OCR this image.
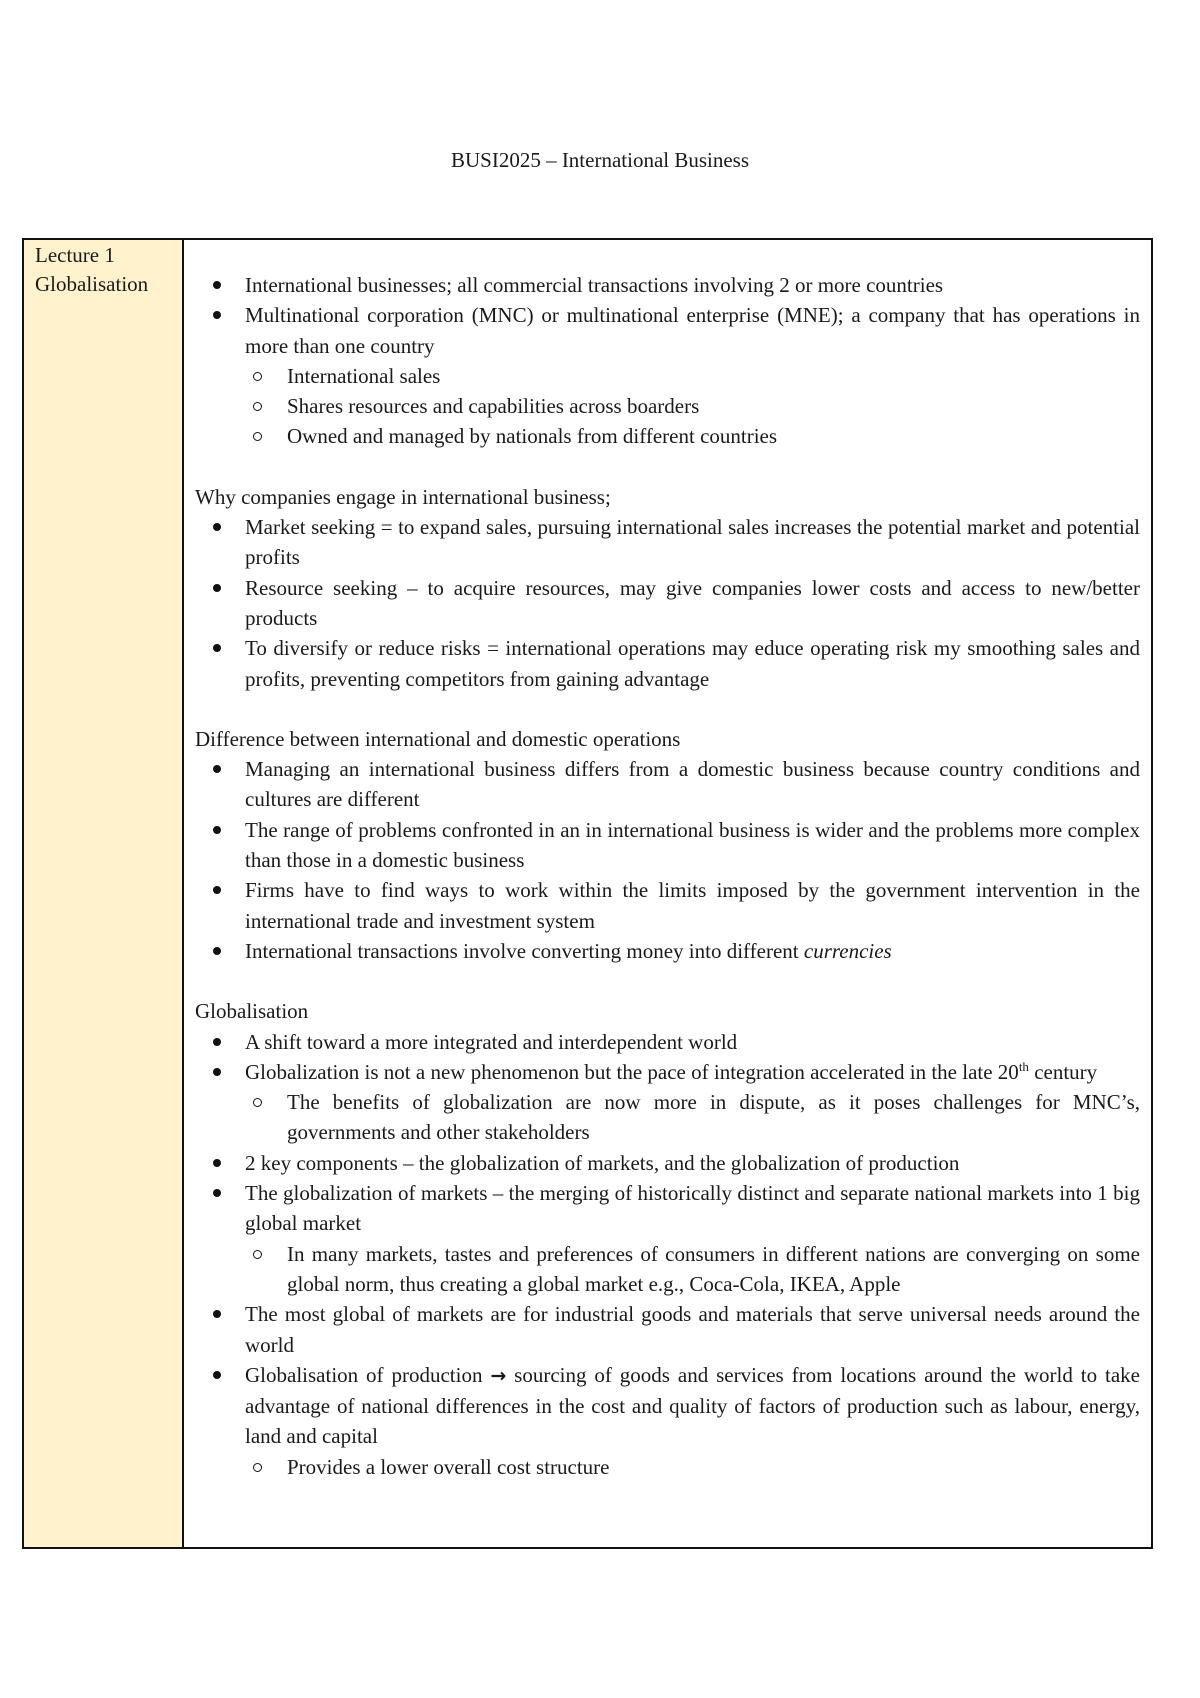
BUSI2025 – International Business
Lecture 1
Globalisation	International businesses; all commercial transactions involving 2 or more countries
Multinational corporation (MNC) or multinational enterprise (MNE); a company that has operations in more than one country
International sales
Shares resources and capabilities across boarders
Owned and managed by nationals from different countries

Why companies engage in international business;

Market seeking = to expand sales, pursuing international sales increases the potential market and potential profits
Resource seeking – to acquire resources, may give companies lower costs and access to new/better products
To diversify or reduce risks = international operations may educe operating risk my smoothing sales and profits, preventing competitors from gaining advantage

Difference between international and domestic operations

Managing an international business differs from a domestic business because country conditions and cultures are different
The range of problems confronted in an in international business is wider and the problems more complex than those in a domestic business
Firms have to find ways to work within the limits imposed by the government intervention in the international trade and investment system
International transactions involve converting money into different currencies

Globalisation

A shift toward a more integrated and interdependent world
Globalization is not a new phenomenon but the pace of integration accelerated in the late 20th century
The benefits of globalization are now more in dispute, as it poses challenges for MNC’s, governments and other stakeholders
2 key components – the globalization of markets, and the globalization of production
The globalization of markets – the merging of historically distinct and separate national markets into 1 big global market
In many markets, tastes and preferences of consumers in different nations are converging on some global norm, thus creating a global market e.g., Coca-Cola, IKEA, Apple
The most global of markets are for industrial goods and materials that serve universal needs around the world
Globalisation of production → sourcing of goods and services from locations around the world to take advantage of national differences in the cost and quality of factors of production such as labour, energy, land and capital
Provides a lower overall cost structure
